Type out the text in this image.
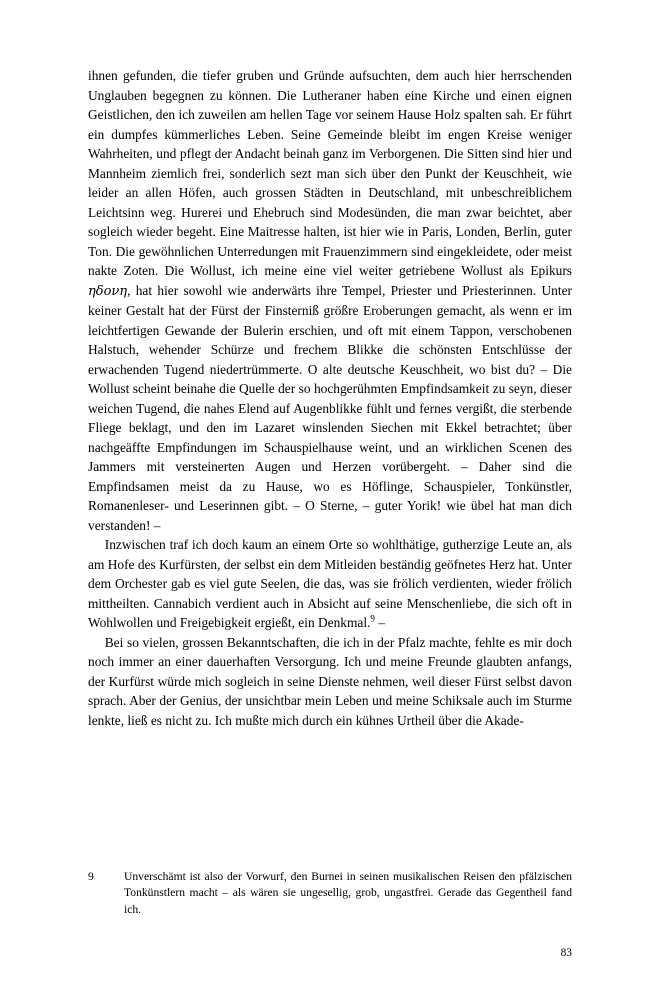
ihnen gefunden, die tiefer gruben und Gründe aufsuchten, dem auch hier herrschenden Unglauben begegnen zu können. Die Lutheraner haben eine Kirche und einen eignen Geistlichen, den ich zuweilen am hellen Tage vor seinem Hause Holz spalten sah. Er führt ein dumpfes kümmerliches Leben. Seine Gemeinde bleibt im engen Kreise weniger Wahrheiten, und pflegt der Andacht beinah ganz im Verborgenen. Die Sitten sind hier und Mannheim ziemlich frei, sonderlich sezt man sich über den Punkt der Keuschheit, wie leider an allen Höfen, auch grossen Städten in Deutschland, mit unbeschreiblichem Leichtsinn weg. Hurerei und Ehebruch sind Modesünden, die man zwar beichtet, aber sogleich wieder begeht. Eine Maitresse halten, ist hier wie in Paris, Londen, Berlin, guter Ton. Die gewöhnlichen Unterredungen mit Frauenzimmern sind eingekleidete, oder meist nakte Zoten. Die Wollust, ich meine eine viel weiter getriebene Wollust als Epikurs ηδονη, hat hier sowohl wie anderwärts ihre Tempel, Priester und Priesterinnen. Unter keiner Gestalt hat der Fürst der Finsterniß größre Eroberungen gemacht, als wenn er im leichtfertigen Gewande der Bulerin erschien, und oft mit einem Tappon, verschobenen Halstuch, wehender Schürze und frechem Blikke die schönsten Entschlüsse der erwachenden Tugend niedertrümmerte. O alte deutsche Keuschheit, wo bist du? – Die Wollust scheint beinahe die Quelle der so hochgerühmten Empfindsamkeit zu seyn, dieser weichen Tugend, die nahes Elend auf Augenblikke fühlt und fernes vergißt, die sterbende Fliege beklagt, und den im Lazaret winslenden Siechen mit Ekkel betrachtet; über nachgeäffte Empfindungen im Schauspielhause weint, und an wirklichen Scenen des Jammers mit versteinerten Augen und Herzen vorübergeht. – Daher sind die Empfindsamen meist da zu Hause, wo es Höflinge, Schauspieler, Tonkünstler, Romanenleser- und Leserinnen gibt. – O Sterne, – guter Yorik! wie übel hat man dich verstanden! –

Inzwischen traf ich doch kaum an einem Orte so wohlthätige, gutherzige Leute an, als am Hofe des Kurfürsten, der selbst ein dem Mitleiden beständig geöfnetes Herz hat. Unter dem Orchester gab es viel gute Seelen, die das, was sie frölich verdienten, wieder frölich mittheilten. Cannabich verdient auch in Absicht auf seine Menschenliebe, die sich oft in Wohlwollen und Freigebigkeit ergießt, ein Denkmal.$^9$ –

Bei so vielen, grossen Bekanntschaften, die ich in der Pfalz machte, fehlte es mir doch noch immer an einer dauerhaften Versorgung. Ich und meine Freunde glaubten anfangs, der Kurfürst würde mich sogleich in seine Dienste nehmen, weil dieser Fürst selbst davon sprach. Aber der Genius, der unsichtbar mein Leben und meine Schiksale auch im Sturme lenkte, ließ es nicht zu. Ich mußte mich durch ein kühnes Urtheil über die Akade-

9	Unverschämt ist also der Vorwurf, den Burnei in seinen musikalischen Reisen den pfälzischen Tonkünstlern macht – als wären sie ungesellig, grob, ungastfrei. Gerade das Gegentheil fand ich.
83
